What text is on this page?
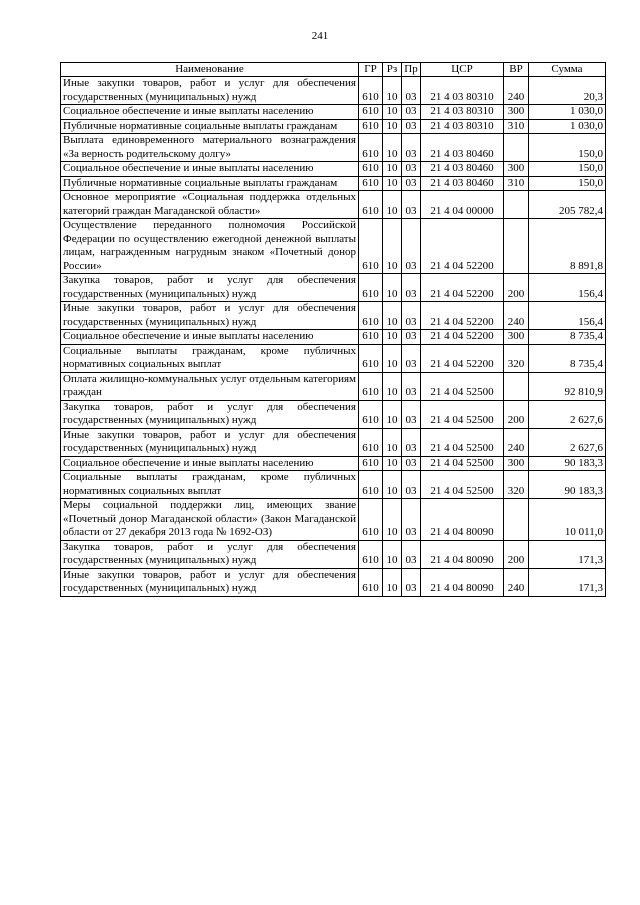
241
Наименование	ГР	Рз	Пр	ЦСР	ВР	Сумма
Иные закупки товаров, работ и услуг для обеспечения государственных (муниципальных) нужд	610	10	03	21 4 03 80310	240	20,3
Социальное обеспечение и иные выплаты населению	610	10	03	21 4 03 80310	300	1 030,0
Публичные нормативные социальные выплаты гражданам	610	10	03	21 4 03 80310	310	1 030,0
Выплата единовременного материального вознаграждения «За верность родительскому долгу»	610	10	03	21 4 03 80460		150,0
Социальное обеспечение и иные выплаты населению	610	10	03	21 4 03 80460	300	150,0
Публичные нормативные социальные выплаты гражданам	610	10	03	21 4 03 80460	310	150,0
Основное мероприятие «Социальная поддержка отдельных категорий граждан Магаданской области»	610	10	03	21 4 04 00000		205 782,4
Осуществление переданного полномочия Российской Федерации по осуществлению ежегодной денежной выплаты лицам, награжденным нагрудным знаком «Почетный донор России»	610	10	03	21 4 04 52200		8 891,8
Закупка товаров, работ и услуг для обеспечения государственных (муниципальных) нужд	610	10	03	21 4 04 52200	200	156,4
Иные закупки товаров, работ и услуг для обеспечения государственных (муниципальных) нужд	610	10	03	21 4 04 52200	240	156,4
Социальное обеспечение и иные выплаты населению	610	10	03	21 4 04 52200	300	8 735,4
Социальные выплаты гражданам, кроме публичных нормативных социальных выплат	610	10	03	21 4 04 52200	320	8 735,4
Оплата жилищно-коммунальных услуг отдельным категориям граждан	610	10	03	21 4 04 52500		92 810,9
Закупка товаров, работ и услуг для обеспечения государственных (муниципальных) нужд	610	10	03	21 4 04 52500	200	2 627,6
Иные закупки товаров, работ и услуг для обеспечения государственных (муниципальных) нужд	610	10	03	21 4 04 52500	240	2 627,6
Социальное обеспечение и иные выплаты населению	610	10	03	21 4 04 52500	300	90 183,3
Социальные выплаты гражданам, кроме публичных нормативных социальных выплат	610	10	03	21 4 04 52500	320	90 183,3
Меры социальной поддержки лиц, имеющих звание «Почетный донор Магаданской области» (Закон Магаданской области от 27 декабря 2013 года № 1692-ОЗ)	610	10	03	21 4 04 80090		10 011,0
Закупка товаров, работ и услуг для обеспечения государственных (муниципальных) нужд	610	10	03	21 4 04 80090	200	171,3
Иные закупки товаров, работ и услуг для обеспечения государственных (муниципальных) нужд	610	10	03	21 4 04 80090	240	171,3
